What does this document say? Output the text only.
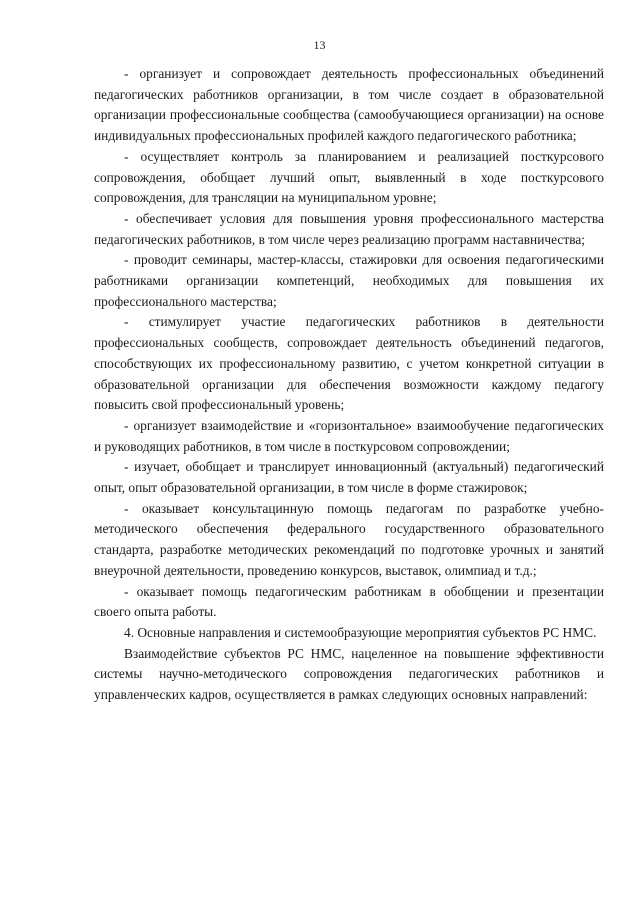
13

- организует и сопровождает деятельность профессиональных объединений педагогических работников организации, в том числе создает в образовательной организации профессиональные сообщества (самообучающиеся организации) на основе индивидуальных профессиональных профилей каждого педагогического работника;

- осуществляет контроль за планированием и реализацией посткурсового сопровождения, обобщает лучший опыт, выявленный в ходе посткурсового сопровождения, для трансляции на муниципальном уровне;

- обеспечивает условия для повышения уровня профессионального мастерства педагогических работников, в том числе через реализацию программ наставничества;

- проводит семинары, мастер-классы, стажировки для освоения педагогическими работниками организации компетенций, необходимых для повышения их профессионального мастерства;

- стимулирует участие педагогических работников в деятельности профессиональных сообществ, сопровождает деятельность объединений педагогов, способствующих их профессиональному развитию, с учетом конкретной ситуации в образовательной организации для обеспечения возможности каждому педагогу повысить свой профессиональный уровень;

- организует взаимодействие и «горизонтальное» взаимообучение педагогических и руководящих работников, в том числе в посткурсовом сопровождении;

- изучает, обобщает и транслирует инновационный (актуальный) педагогический опыт, опыт образовательной организации, в том числе в форме стажировок;

- оказывает консультацинную помощь педагогам по разработке учебно-методического обеспечения федерального государственного образовательного стандарта, разработке методических рекомендаций по подготовке урочных и занятий внеурочной деятельности, проведению конкурсов, выставок, олимпиад и т.д.;

- оказывает помощь педагогическим работникам в обобщении и презентации своего опыта работы.

4. Основные направления и системообразующие мероприятия субъектов РС НМС.

Взаимодействие субъектов РС НМС, нацеленное на повышение эффективности системы научно-методического сопровождения педагогических работников и управленческих кадров, осуществляется в рамках следующих основных направлений:
